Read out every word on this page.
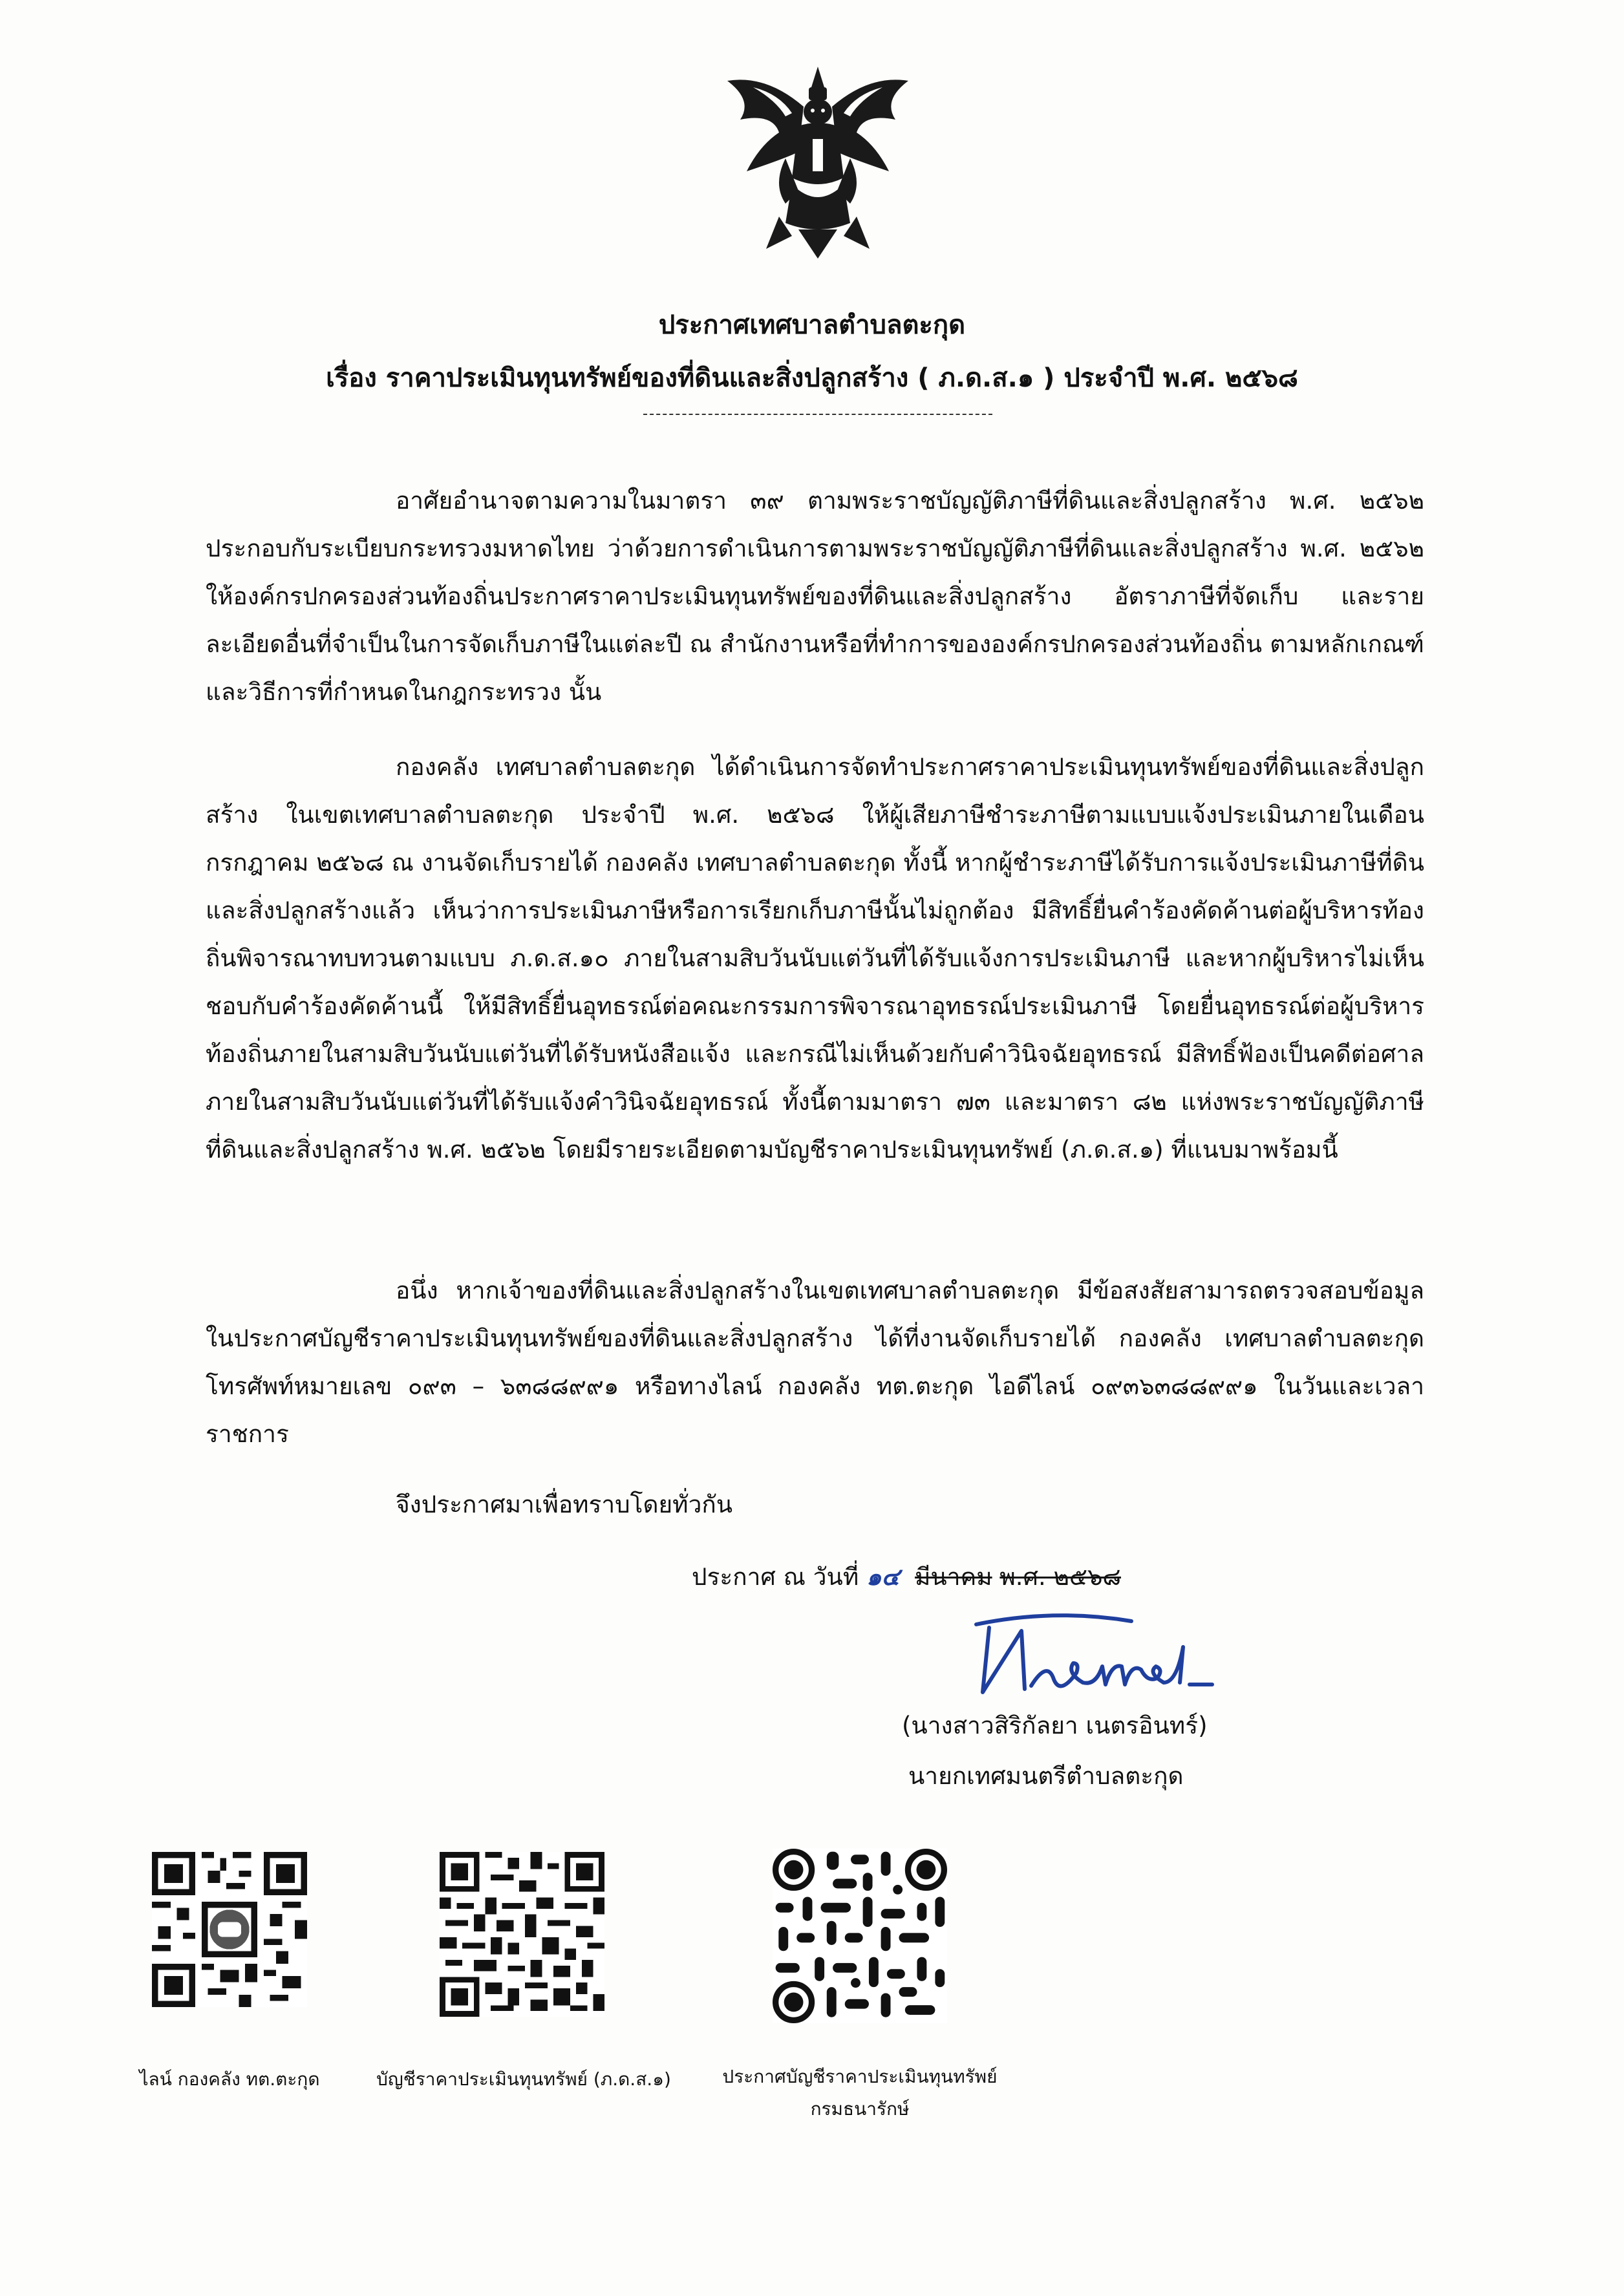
ประกาศเทศบาลตำบลตะกุด
เรื่อง ราคาประเมินทุนทรัพย์ของที่ดินและสิ่งปลูกสร้าง ( ภ.ด.ส.๑ ) ประจำปี พ.ศ. ๒๕๖๘
อาศัยอำนาจตามความในมาตรา ๓๙ ตามพระราชบัญญัติภาษีที่ดินและสิ่งปลูกสร้าง พ.ศ. ๒๕๖๒ ประกอบกับระเบียบกระทรวงมหาดไทย ว่าด้วยการดำเนินการตามพระราชบัญญัติภาษีที่ดินและสิ่งปลูกสร้าง พ.ศ. ๒๕๖๒ ให้องค์กรปกครองส่วนท้องถิ่นประกาศราคาประเมินทุนทรัพย์ของที่ดินและสิ่งปลูกสร้าง อัตราภาษีที่จัดเก็บ และรายละเอียดอื่นที่จำเป็นในการจัดเก็บภาษีในแต่ละปี ณ สำนักงานหรือที่ทำการขององค์กรปกครองส่วนท้องถิ่น ตามหลักเกณฑ์และวิธีการที่กำหนดในกฎกระทรวง นั้น
กองคลัง เทศบาลตำบลตะกุด ได้ดำเนินการจัดทำประกาศราคาประเมินทุนทรัพย์ของที่ดินและสิ่งปลูกสร้าง ในเขตเทศบาลตำบลตะกุด ประจำปี พ.ศ. ๒๕๖๘ ให้ผู้เสียภาษีชำระภาษีตามแบบแจ้งประเมินภายในเดือนกรกฎาคม ๒๕๖๘ ณ งานจัดเก็บรายได้ กองคลัง เทศบาลตำบลตะกุด ทั้งนี้ หากผู้ชำระภาษีได้รับการแจ้งประเมินภาษีที่ดินและสิ่งปลูกสร้างแล้ว เห็นว่าการประเมินภาษีหรือการเรียกเก็บภาษีนั้นไม่ถูกต้อง มีสิทธิ์ยื่นคำร้องคัดค้านต่อผู้บริหารท้องถิ่นพิจารณาทบทวนตามแบบ ภ.ด.ส.๑๐ ภายในสามสิบวันนับแต่วันที่ได้รับแจ้งการประเมินภาษี และหากผู้บริหารไม่เห็นชอบกับคำร้องคัดค้านนี้ ให้มีสิทธิ์ยื่นอุทธรณ์ต่อคณะกรรมการพิจารณาอุทธรณ์ประเมินภาษี โดยยื่นอุทธรณ์ต่อผู้บริหารท้องถิ่นภายในสามสิบวันนับแต่วันที่ได้รับหนังสือแจ้ง และกรณีไม่เห็นด้วยกับคำวินิจฉัยอุทธรณ์ มีสิทธิ์ฟ้องเป็นคดีต่อศาลภายในสามสิบวันนับแต่วันที่ได้รับแจ้งคำวินิจฉัยอุทธรณ์ ทั้งนี้ตามมาตรา ๗๓ และมาตรา ๘๒ แห่งพระราชบัญญัติภาษีที่ดินและสิ่งปลูกสร้าง พ.ศ. ๒๕๖๒ โดยมีรายระเอียดตามบัญชีราคาประเมินทุนทรัพย์ (ภ.ด.ส.๑) ที่แนบมาพร้อมนี้
อนึ่ง หากเจ้าของที่ดินและสิ่งปลูกสร้างในเขตเทศบาลตำบลตะกุด มีข้อสงสัยสามารถตรวจสอบข้อมูลในประกาศบัญชีราคาประเมินทุนทรัพย์ของที่ดินและสิ่งปลูกสร้าง ได้ที่งานจัดเก็บรายได้ กองคลัง เทศบาลตำบลตะกุด โทรศัพท์หมายเลข ๐๙๓ – ๖๓๘๘๙๙๑ หรือทางไลน์ กองคลัง ทต.ตะกุด ไอดีไลน์ ๐๙๓๖๓๘๘๙๙๑ ในวันและเวลาราชการ
จึงประกาศมาเพื่อทราบโดยทั่วกัน
ประกาศ ณ วันที่ ๑๔ มีนาคม พ.ศ. ๒๕๖๘
(นางสาวสิริกัลยา เนตรอินทร์)
นายกเทศมนตรีตำบลตะกุด
ไลน์ กองคลัง ทต.ตะกุด	บัญชีราคาประเมินทุนทรัพย์ (ภ.ด.ส.๑)	ประกาศบัญชีราคาประเมินทุนทรัพย์
กรมธนารักษ์
